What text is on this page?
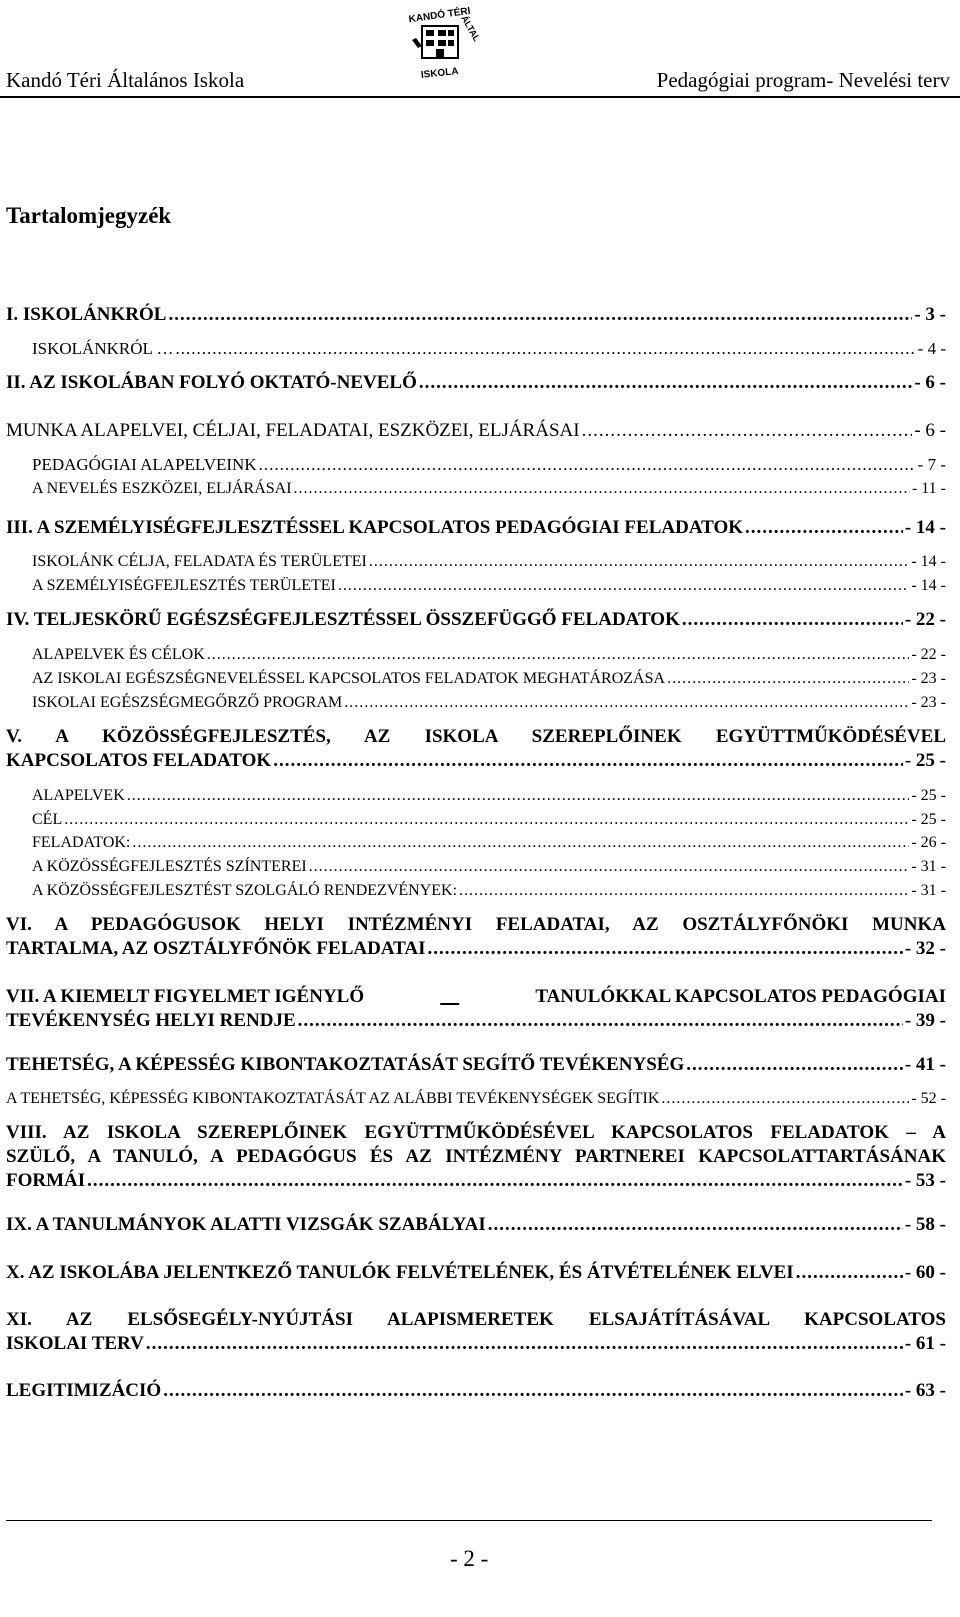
KANDÓ TÉRI
ÁLTAL
ISKOLA
Kandó Téri Általános Iskola	Pedagógiai program- Nevelési terv
Tartalomjegyzék
I. ISKOLÁNKRÓL .....	- 3 -
ISKOLÁNKRÓL … .....	- 4 -
II. AZ ISKOLÁBAN FOLYÓ OKTATÓ-NEVELŐ .....	- 6 -
MUNKA ALAPELVEI, CÉLJAI, FELADATAI, ESZKÖZEI, ELJÁRÁSAI .....	- 6 -
PEDAGÓGIAI ALAPELVEINK .....	- 7 -
A NEVELÉS ESZKÖZEI, ELJÁRÁSAI .....	- 11 -
III. A SZEMÉLYISÉGFEJLESZTÉSSEL KAPCSOLATOS PEDAGÓGIAI FELADATOK .....	- 14 -
ISKOLÁNK CÉLJA, FELADATA ÉS TERÜLETEI .....	- 14 -
A SZEMÉLYISÉGFEJLESZTÉS TERÜLETEI .....	- 14 -
IV. TELJESKÖRŰ EGÉSZSÉGFEJLESZTÉSSEL ÖSSZEFÜGGŐ FELADATOK .....	- 22 -
ALAPELVEK ÉS CÉLOK .....	- 22 -
AZ ISKOLAI EGÉSZSÉGNEVELÉSSEL KAPCSOLATOS FELADATOK MEGHATÁROZÁSA .....	- 23 -
ISKOLAI EGÉSZSÉGMEGŐRZŐ PROGRAM .....	- 23 -
V. A KÖZÖSSÉGFEJLESZTÉS, AZ ISKOLA SZEREPLŐINEK EGYÜTTMŰKÖDÉSÉVEL
KAPCSOLATOS FELADATOK .....	- 25 -
ALAPELVEK .....	- 25 -
CÉL .....	- 25 -
FELADATOK: .....	- 26 -
A KÖZÖSSÉGFEJLESZTÉS SZÍNTEREI .....	- 31 -
A KÖZÖSSÉGFEJLESZTÉST SZOLGÁLÓ RENDEZVÉNYEK: .....	- 31 -
VI. A PEDAGÓGUSOK HELYI INTÉZMÉNYI FELADATAI, AZ OSZTÁLYFŐNÖKI MUNKA
TARTALMA, AZ OSZTÁLYFŐNÖK FELADATAI .....	- 32 -
VII. A KIEMELT FIGYELMET IGÉNYLŐ
	TANULÓKKAL KAPCSOLATOS PEDAGÓGIAI
TEVÉKENYSÉG HELYI RENDJE .....	- 39 -
TEHETSÉG, A KÉPESSÉG KIBONTAKOZTATÁSÁT SEGÍTŐ TEVÉKENYSÉG .....	- 41 -
A TEHETSÉG, KÉPESSÉG KIBONTAKOZTATÁSÁT AZ ALÁBBI TEVÉKENYSÉGEK SEGÍTIK .....	- 52 -
VIII. AZ ISKOLA SZEREPLŐINEK EGYÜTTMŰKÖDÉSÉVEL KAPCSOLATOS FELADATOK – A
SZÜLŐ, A TANULÓ, A PEDAGÓGUS ÉS AZ INTÉZMÉNY PARTNEREI KAPCSOLATTARTÁSÁNAK
FORMÁI .....	- 53 -
IX. A TANULMÁNYOK ALATTI VIZSGÁK SZABÁLYAI .....	- 58 -
X. AZ ISKOLÁBA JELENTKEZŐ TANULÓK FELVÉTELÉNEK, ÉS ÁTVÉTELÉNEK ELVEI .....	- 60 -
XI. AZ ELSŐSEGÉLY-NYÚJTÁSI ALAPISMERETEK ELSAJÁTÍTÁSÁVAL KAPCSOLATOS
ISKOLAI TERV .....	- 61 -
LEGITIMIZÁCIÓ .....	- 63 -
- 2 -
